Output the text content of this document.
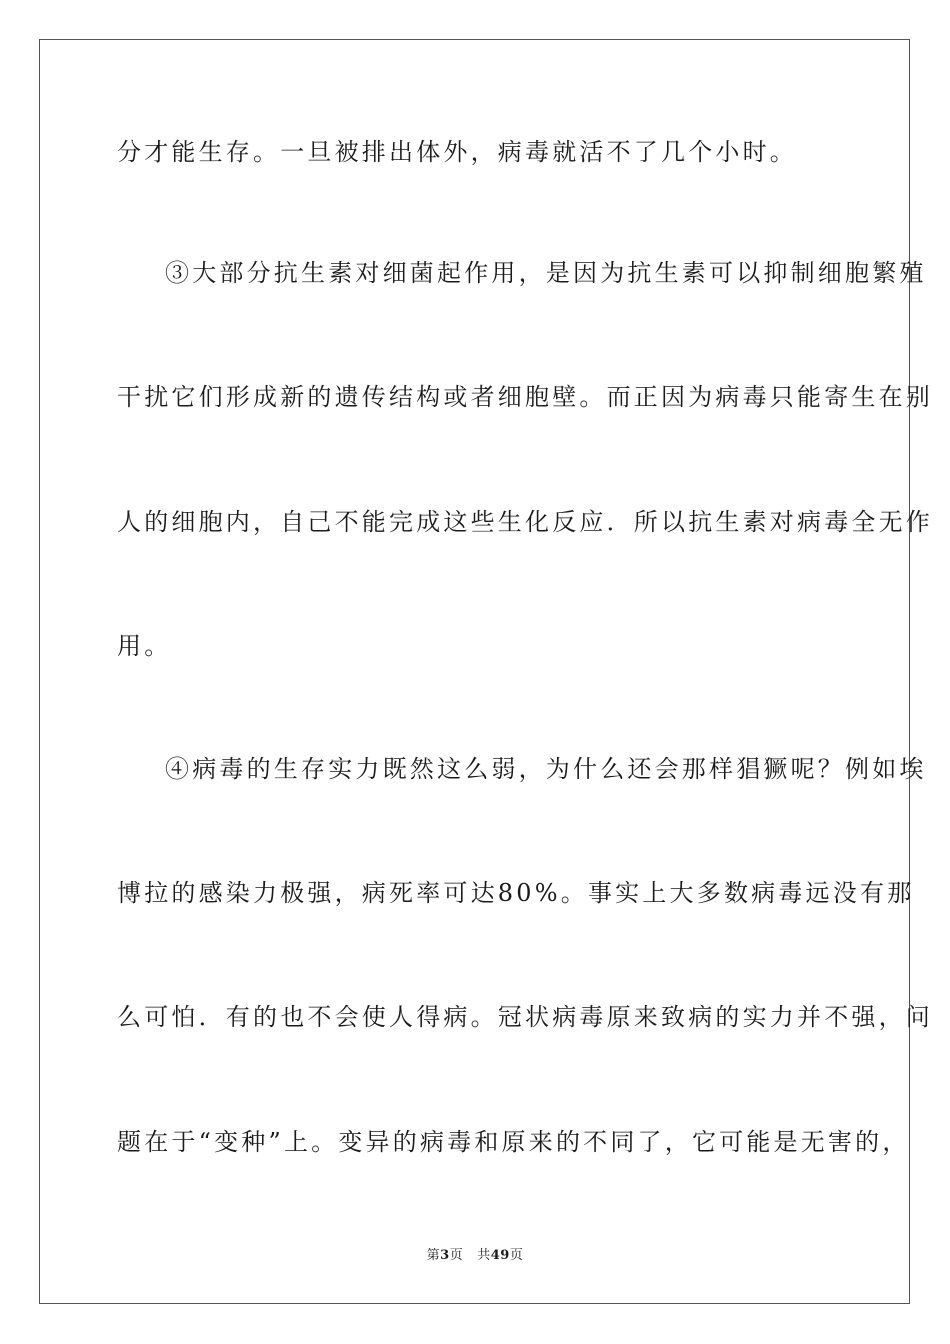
分才能生存。一旦被排出体外，病毒就活不了几个小时。
③大部分抗生素对细菌起作用，是因为抗生素可以抑制细胞繁殖
干扰它们形成新的遗传结构或者细胞壁。而正因为病毒只能寄生在别
人的细胞内，自己不能完成这些生化反应．所以抗生素对病毒全无作
用。
④病毒的生存实力既然这么弱，为什么还会那样猖獗呢？例如埃
博拉的感染力极强，病死率可达80%。事实上大多数病毒远没有那
么可怕．有的也不会使人得病。冠状病毒原来致病的实力并不强，问
题在于“变种”上。变异的病毒和原来的不同了，它可能是无害的，
第3页 共49页
